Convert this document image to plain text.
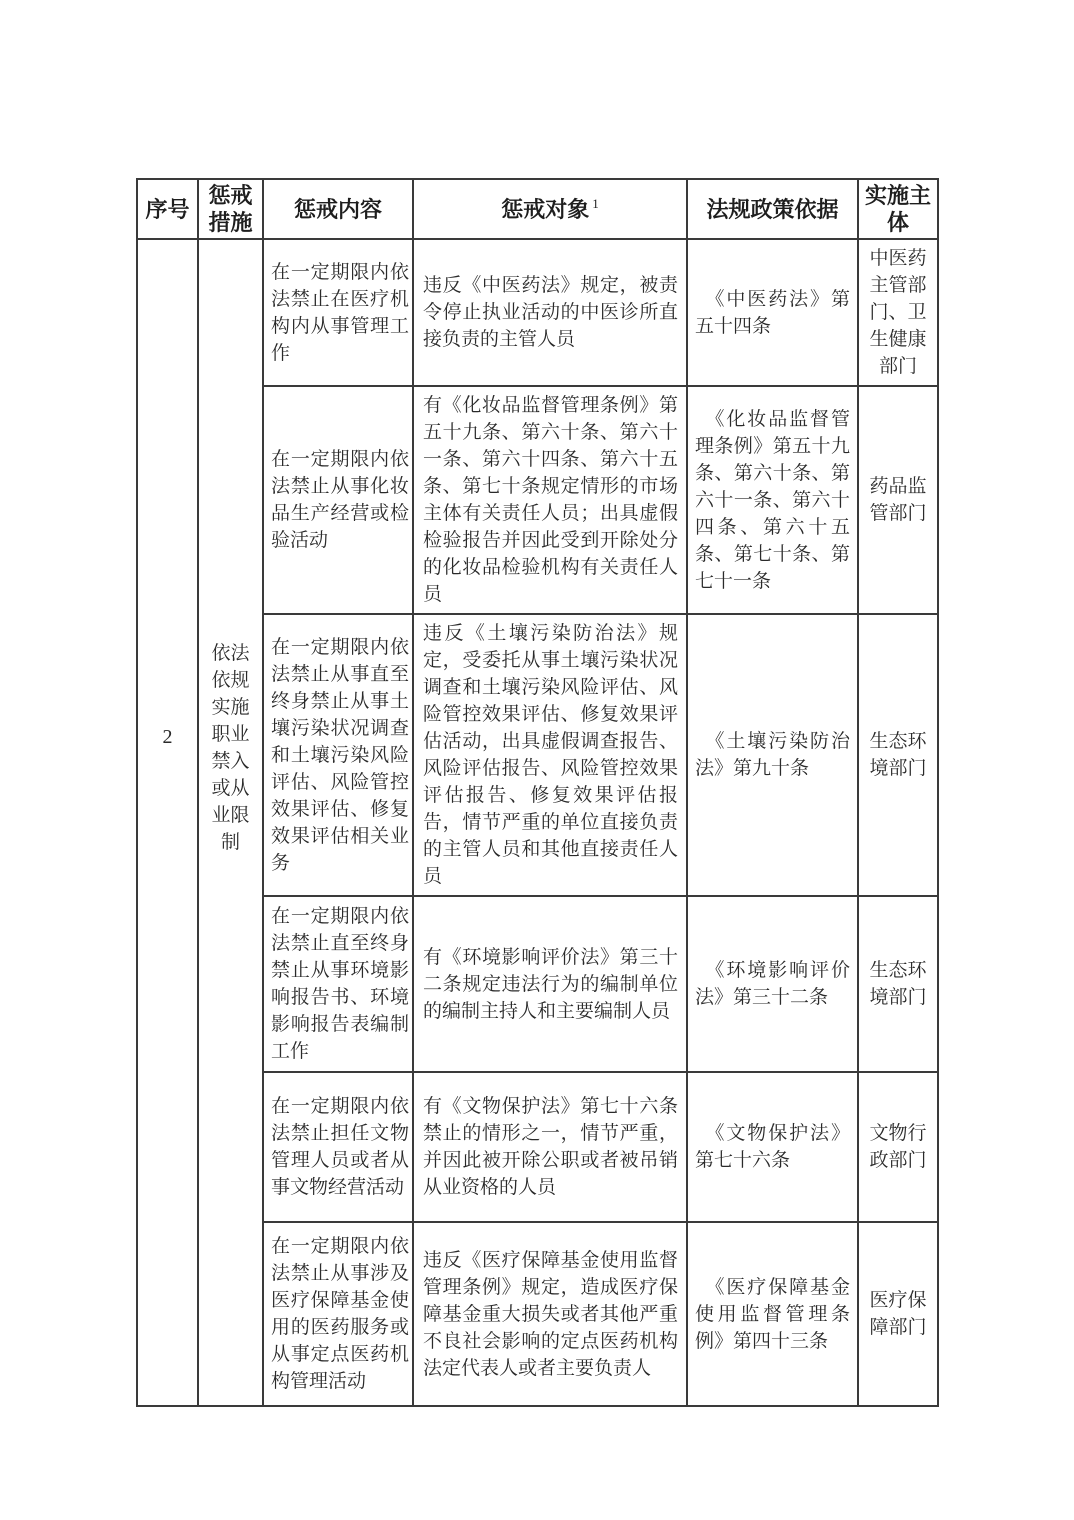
序号	惩戒措施	惩戒内容	惩戒对象 $^1$	法规政策依据	实施主体
2	依法依规实施职业禁入或从业限制	在一定期限内依法禁止在医疗机构内从事管理工作	违反《中医药法》规定，被责令停止执业活动的中医诊所直接负责的主管人员	《中医药法》第五十四条	中医药主管部门、卫生健康部门
		在一定期限内依法禁止从事化妆品生产经营或检验活动	有《化妆品监督管理条例》第五十九条、第六十条、第六十一条、第六十四条、第六十五条、第七十条规定情形的市场主体有关责任人员；出具虚假检验报告并因此受到开除处分的化妆品检验机构有关责任人员	《化妆品监督管理条例》第五十九条、第六十条、第六十一条、第六十四条、第六十五条、第七十条、第七十一条	药品监管部门
		在一定期限内依法禁止从事直至终身禁止从事土壤污染状况调查和土壤污染风险评估、风险管控效果评估、修复效果评估相关业务	违反《土壤污染防治法》规定，受委托从事土壤污染状况调查和土壤污染风险评估、风险管控效果评估、修复效果评估活动，出具虚假调查报告、风险评估报告、风险管控效果评估报告、修复效果评估报告，情节严重的单位直接负责的主管人员和其他直接责任人员	《土壤污染防治法》第九十条	生态环境部门
		在一定期限内依法禁止直至终身禁止从事环境影响报告书、环境影响报告表编制工作	有《环境影响评价法》第三十二条规定违法行为的编制单位的编制主持人和主要编制人员	《环境影响评价法》第三十二条	生态环境部门
		在一定期限内依法禁止担任文物管理人员或者从事文物经营活动	有《文物保护法》第七十六条禁止的情形之一，情节严重，并因此被开除公职或者被吊销从业资格的人员	《文物保护法》第七十六条	文物行政部门
		在一定期限内依法禁止从事涉及医疗保障基金使用的医药服务或从事定点医药机构管理活动	违反《医疗保障基金使用监督管理条例》规定，造成医疗保障基金重大损失或者其他严重不良社会影响的定点医药机构法定代表人或者主要负责人	《医疗保障基金使用监督管理条例》第四十三条	医疗保障部门
